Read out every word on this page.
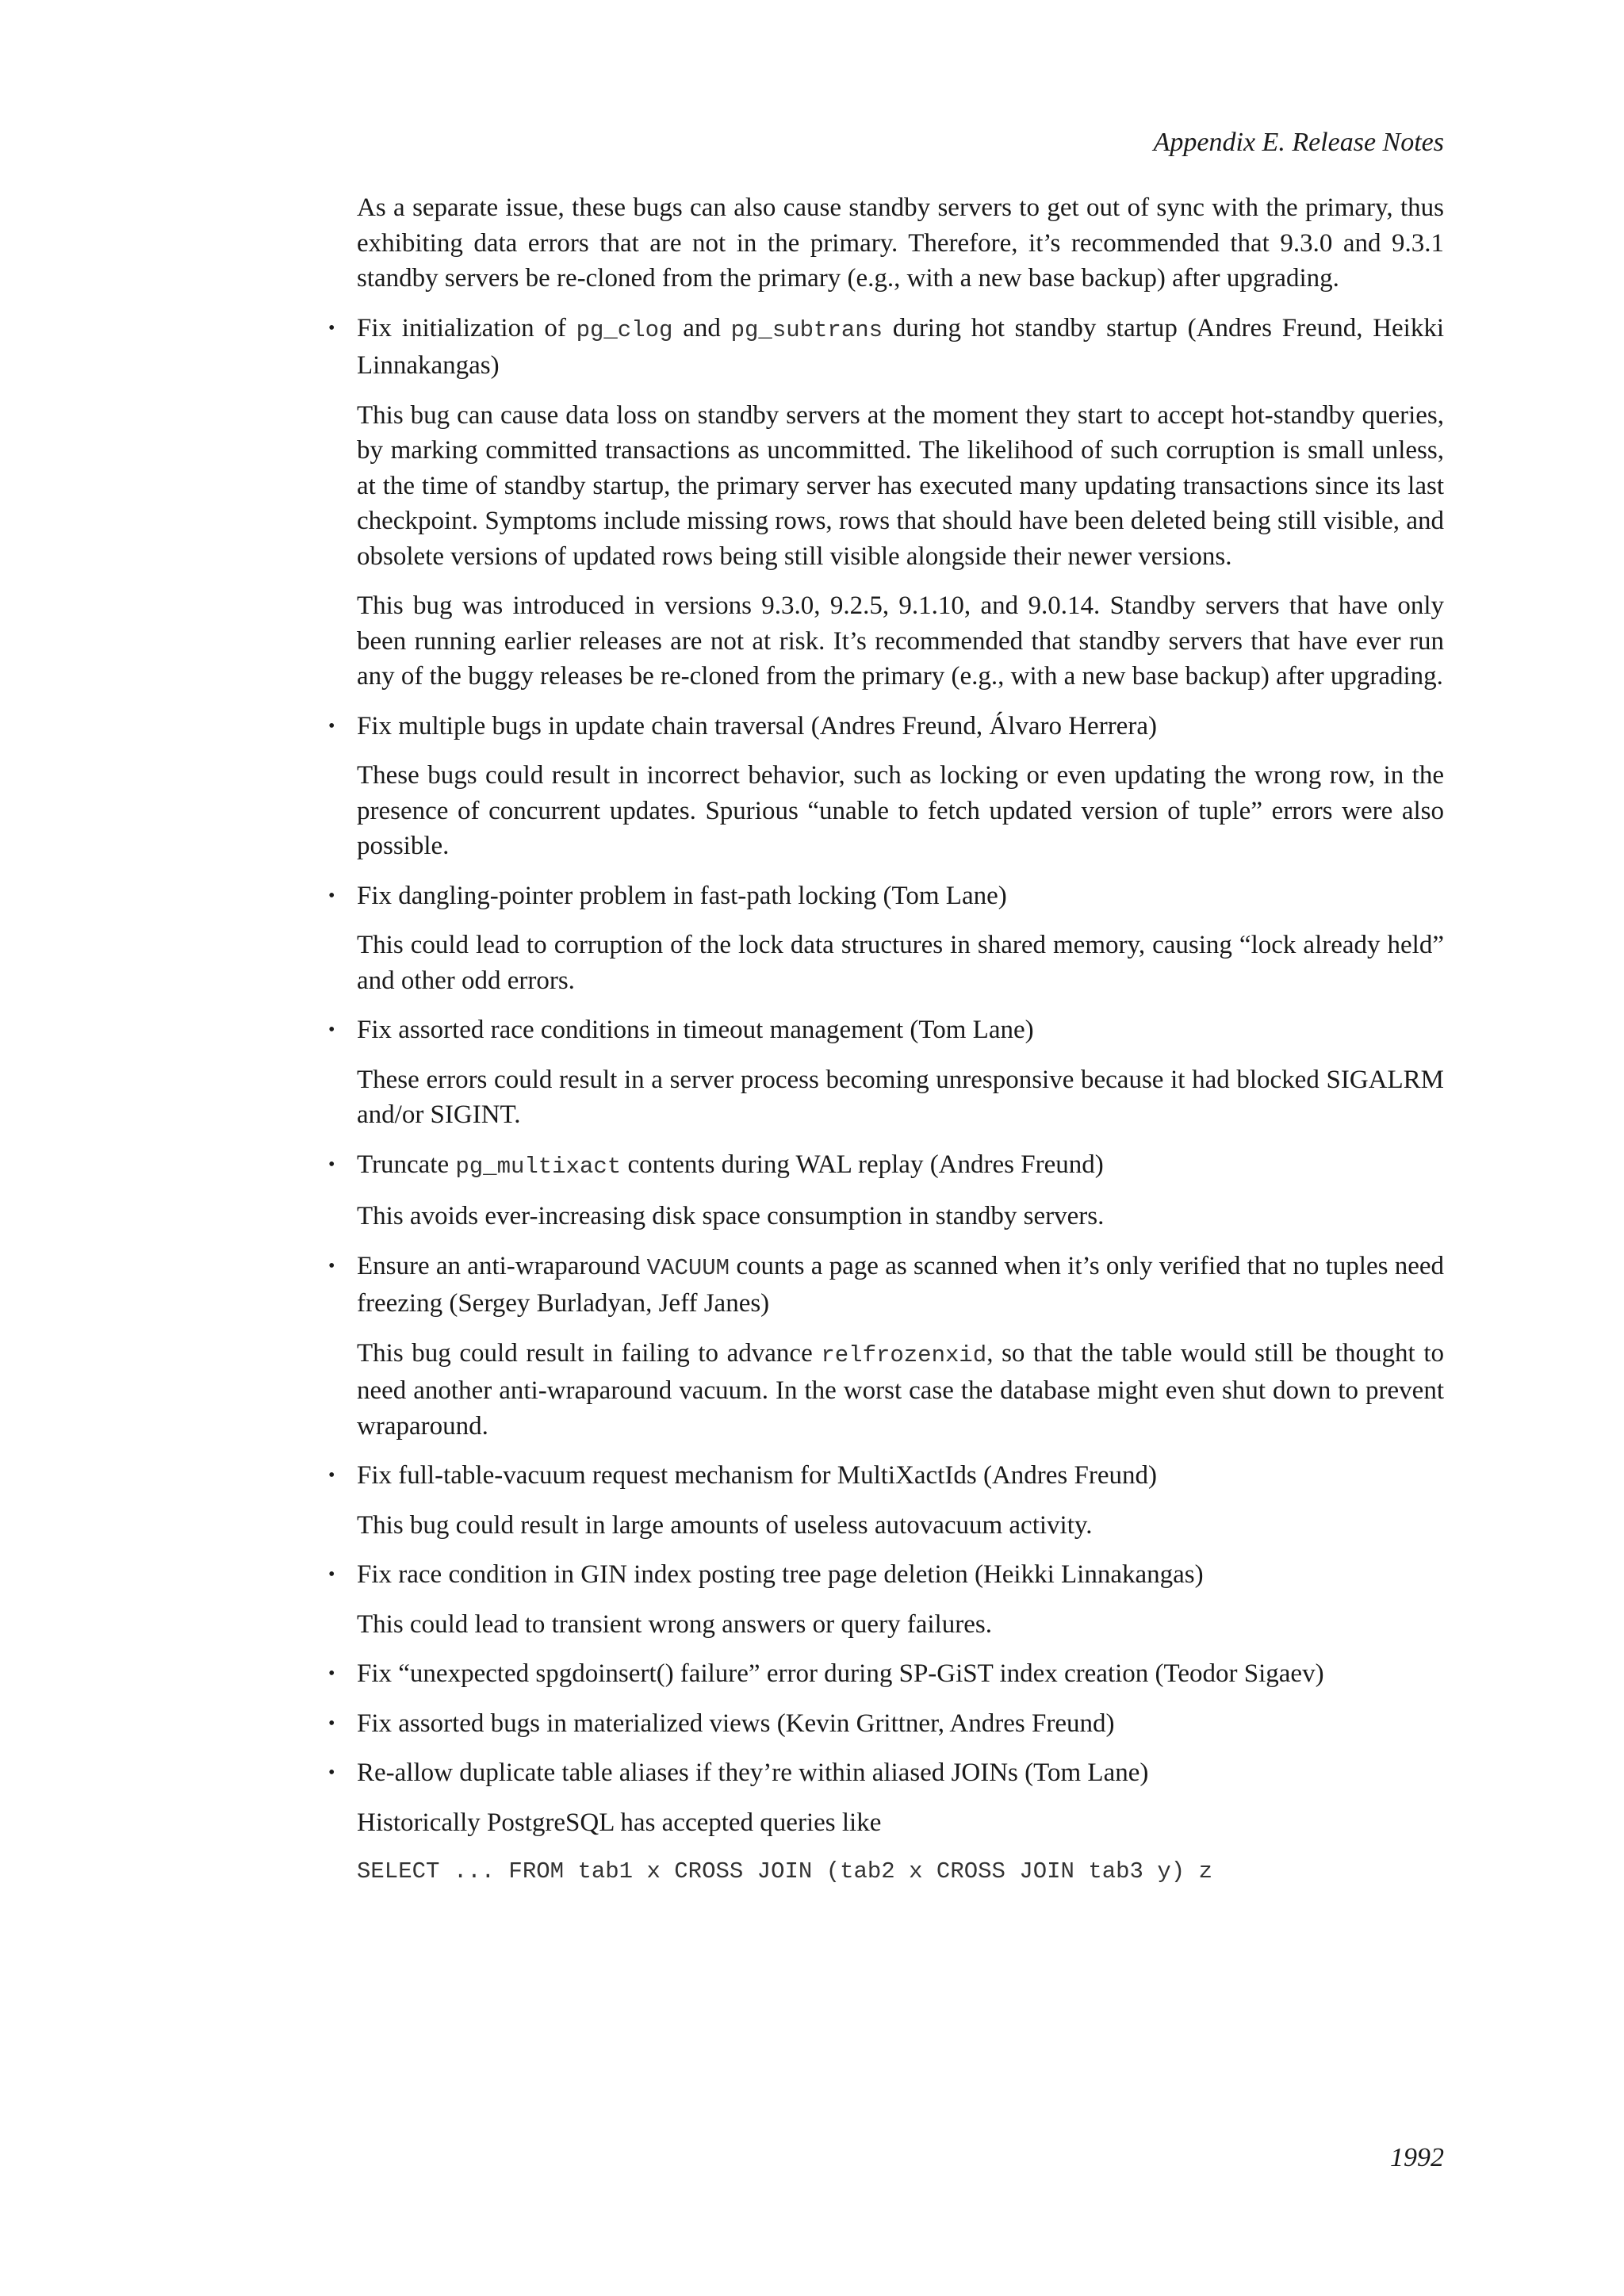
Appendix E. Release Notes

As a separate issue, these bugs can also cause standby servers to get out of sync with the primary, thus exhibiting data errors that are not in the primary. Therefore, it’s recommended that 9.3.0 and 9.3.1 standby servers be re-cloned from the primary (e.g., with a new base backup) after upgrading.

• Fix initialization of pg_clog and pg_subtrans during hot standby startup (Andres Freund, Heikki Linnakangas)

This bug can cause data loss on standby servers at the moment they start to accept hot-standby queries, by marking committed transactions as uncommitted. The likelihood of such corruption is small unless, at the time of standby startup, the primary server has executed many updating transactions since its last checkpoint. Symptoms include missing rows, rows that should have been deleted being still visible, and obsolete versions of updated rows being still visible alongside their newer versions.

This bug was introduced in versions 9.3.0, 9.2.5, 9.1.10, and 9.0.14. Standby servers that have only been running earlier releases are not at risk. It’s recommended that standby servers that have ever run any of the buggy releases be re-cloned from the primary (e.g., with a new base backup) after upgrading.

• Fix multiple bugs in update chain traversal (Andres Freund, Álvaro Herrera)

These bugs could result in incorrect behavior, such as locking or even updating the wrong row, in the presence of concurrent updates. Spurious “unable to fetch updated version of tuple” errors were also possible.

• Fix dangling-pointer problem in fast-path locking (Tom Lane)

This could lead to corruption of the lock data structures in shared memory, causing “lock already held” and other odd errors.

• Fix assorted race conditions in timeout management (Tom Lane)

These errors could result in a server process becoming unresponsive because it had blocked SIGALRM and/or SIGINT.

• Truncate pg_multixact contents during WAL replay (Andres Freund)

This avoids ever-increasing disk space consumption in standby servers.

• Ensure an anti-wraparound VACUUM counts a page as scanned when it’s only verified that no tuples need freezing (Sergey Burladyan, Jeff Janes)

This bug could result in failing to advance relfrozenxid, so that the table would still be thought to need another anti-wraparound vacuum. In the worst case the database might even shut down to prevent wraparound.

• Fix full-table-vacuum request mechanism for MultiXactIds (Andres Freund)

This bug could result in large amounts of useless autovacuum activity.

• Fix race condition in GIN index posting tree page deletion (Heikki Linnakangas)

This could lead to transient wrong answers or query failures.

• Fix “unexpected spgdoinsert() failure” error during SP-GiST index creation (Teodor Sigaev)

• Fix assorted bugs in materialized views (Kevin Grittner, Andres Freund)

• Re-allow duplicate table aliases if they’re within aliased JOINs (Tom Lane)

Historically PostgreSQL has accepted queries like

SELECT ... FROM tab1 x CROSS JOIN (tab2 x CROSS JOIN tab3 y) z
1992
